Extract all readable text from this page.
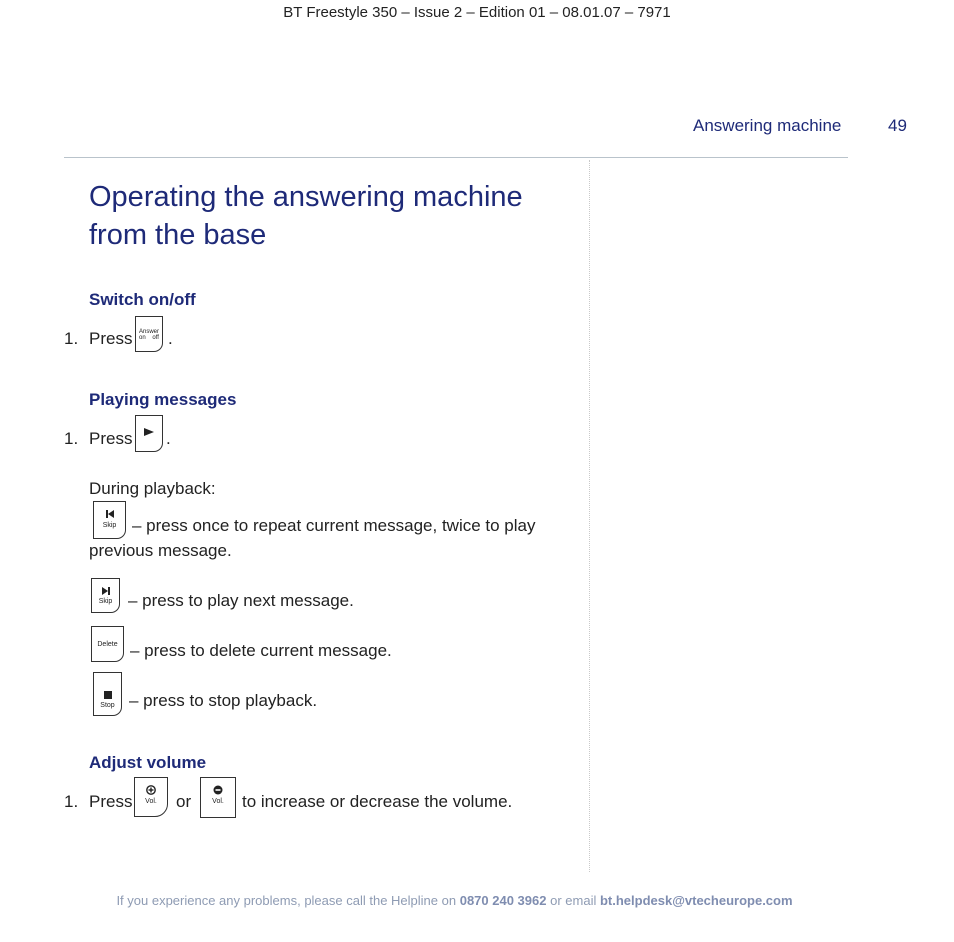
BT Freestyle 350 – Issue 2 – Edition 01 – 08.01.07 – 7971
Answering machine	49
Operating the answering machine from the base
Switch on/off
1. Press	Answer
on    off .
Playing messages
1. Press .
During playback:
Skip – press once to repeat current message, twice to play
previous message.
Skip – press to play next message.
Delete – press to delete current message.
Stop – press to stop playback.
Adjust volume
1. Press	Vol.	or	Vol.	to increase or decrease the volume.
If you experience any problems, please call the Helpline on 0870 240 3962 or email bt.helpdesk@vtecheurope.com
